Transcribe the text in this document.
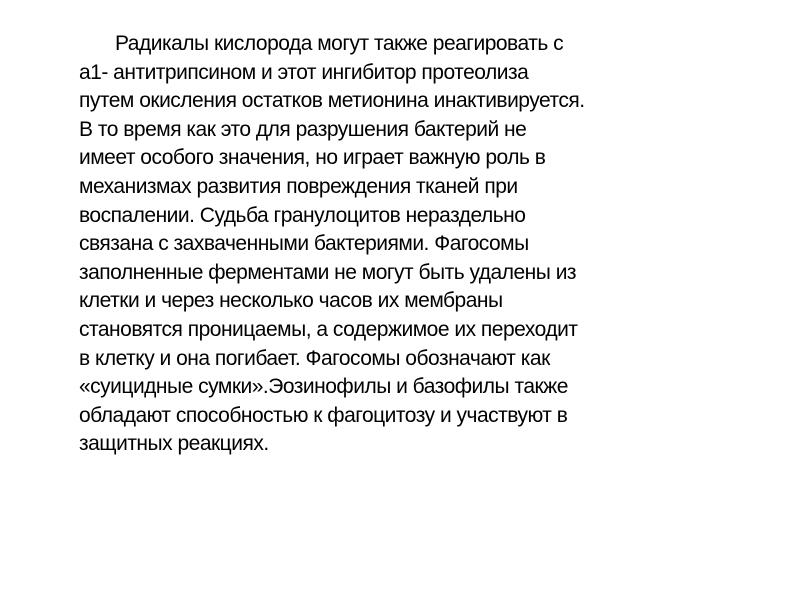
Радикалы кислорода могут также реагировать с
a1- антитрипсином и этот ингибитор протеолиза
путем окисления остатков метионина инактивируется.
В то время как это для разрушения бактерий не
имеет особого значения, но играет важную роль в
механизмах развития повреждения тканей при
воспалении. Судьба гранулоцитов нераздельно
связана с захваченными бактериями. Фагосомы
заполненные ферментами не могут быть удалены из
клетки и через несколько часов их мембраны
становятся проницаемы, а содержимое их переходит
в клетку и она погибает. Фагосомы обозначают как
«суицидные сумки».Эозинофилы и базофилы также
обладают способностью к фагоцитозу и участвуют в
защитных реакциях.
